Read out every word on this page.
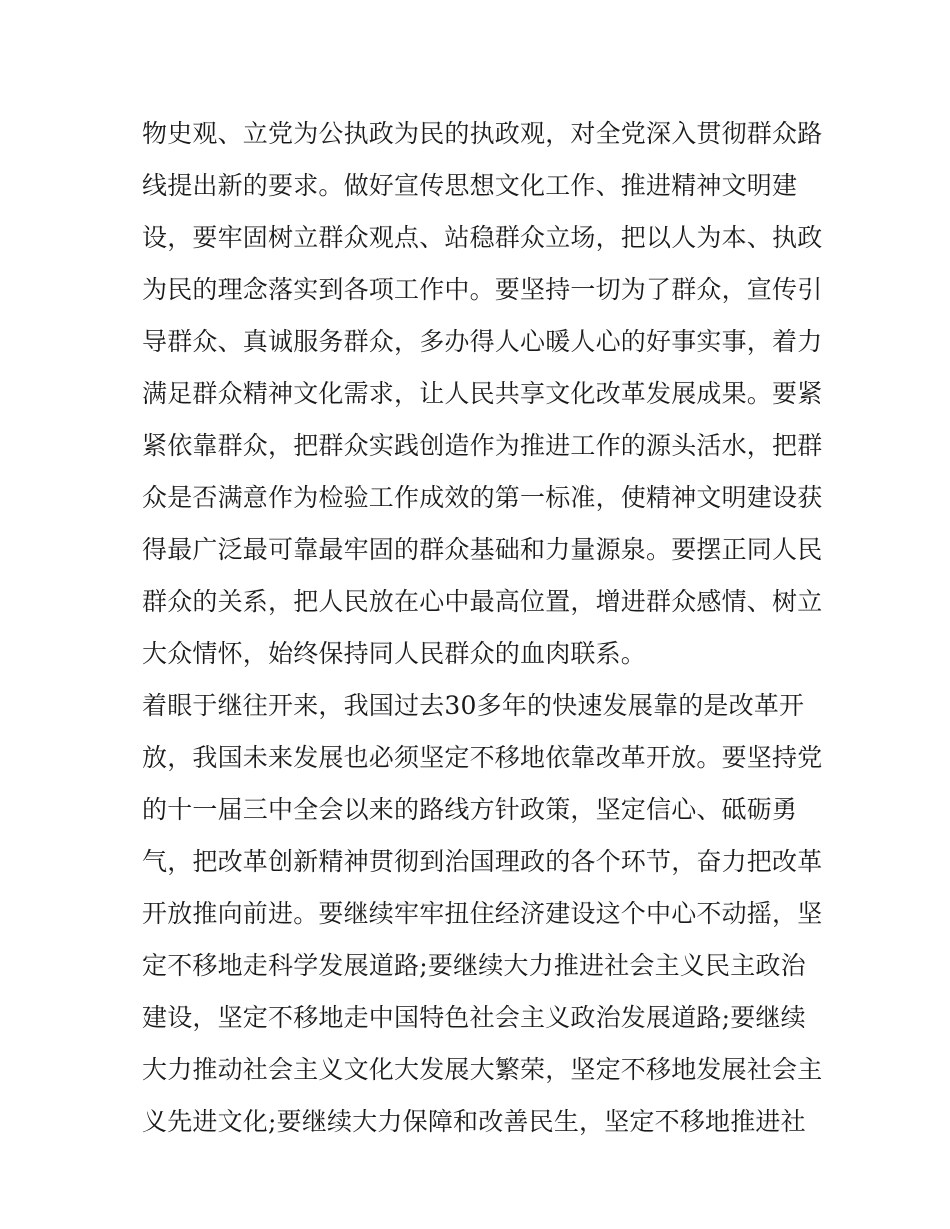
物史观、立党为公执政为民的执政观，对全党深入贯彻群众路
线提出新的要求。做好宣传思想文化工作、推进精神文明建
设，要牢固树立群众观点、站稳群众立场，把以人为本、执政
为民的理念落实到各项工作中。要坚持一切为了群众，宣传引
导群众、真诚服务群众，多办得人心暖人心的好事实事，着力
满足群众精神文化需求，让人民共享文化改革发展成果。要紧
紧依靠群众，把群众实践创造作为推进工作的源头活水，把群
众是否满意作为检验工作成效的第一标准，使精神文明建设获
得最广泛最可靠最牢固的群众基础和力量源泉。要摆正同人民
群众的关系，把人民放在心中最高位置，增进群众感情、树立
大众情怀，始终保持同人民群众的血肉联系。
着眼于继往开来，我国过去30多年的快速发展靠的是改革开
放，我国未来发展也必须坚定不移地依靠改革开放。要坚持党
的十一届三中全会以来的路线方针政策，坚定信心、砥砺勇
气，把改革创新精神贯彻到治国理政的各个环节，奋力把改革
开放推向前进。要继续牢牢扭住经济建设这个中心不动摇，坚
定不移地走科学发展道路;要继续大力推进社会主义民主政治
建设，坚定不移地走中国特色社会主义政治发展道路;要继续
大力推动社会主义文化大发展大繁荣，坚定不移地发展社会主
义先进文化;要继续大力保障和改善民生，坚定不移地推进社
